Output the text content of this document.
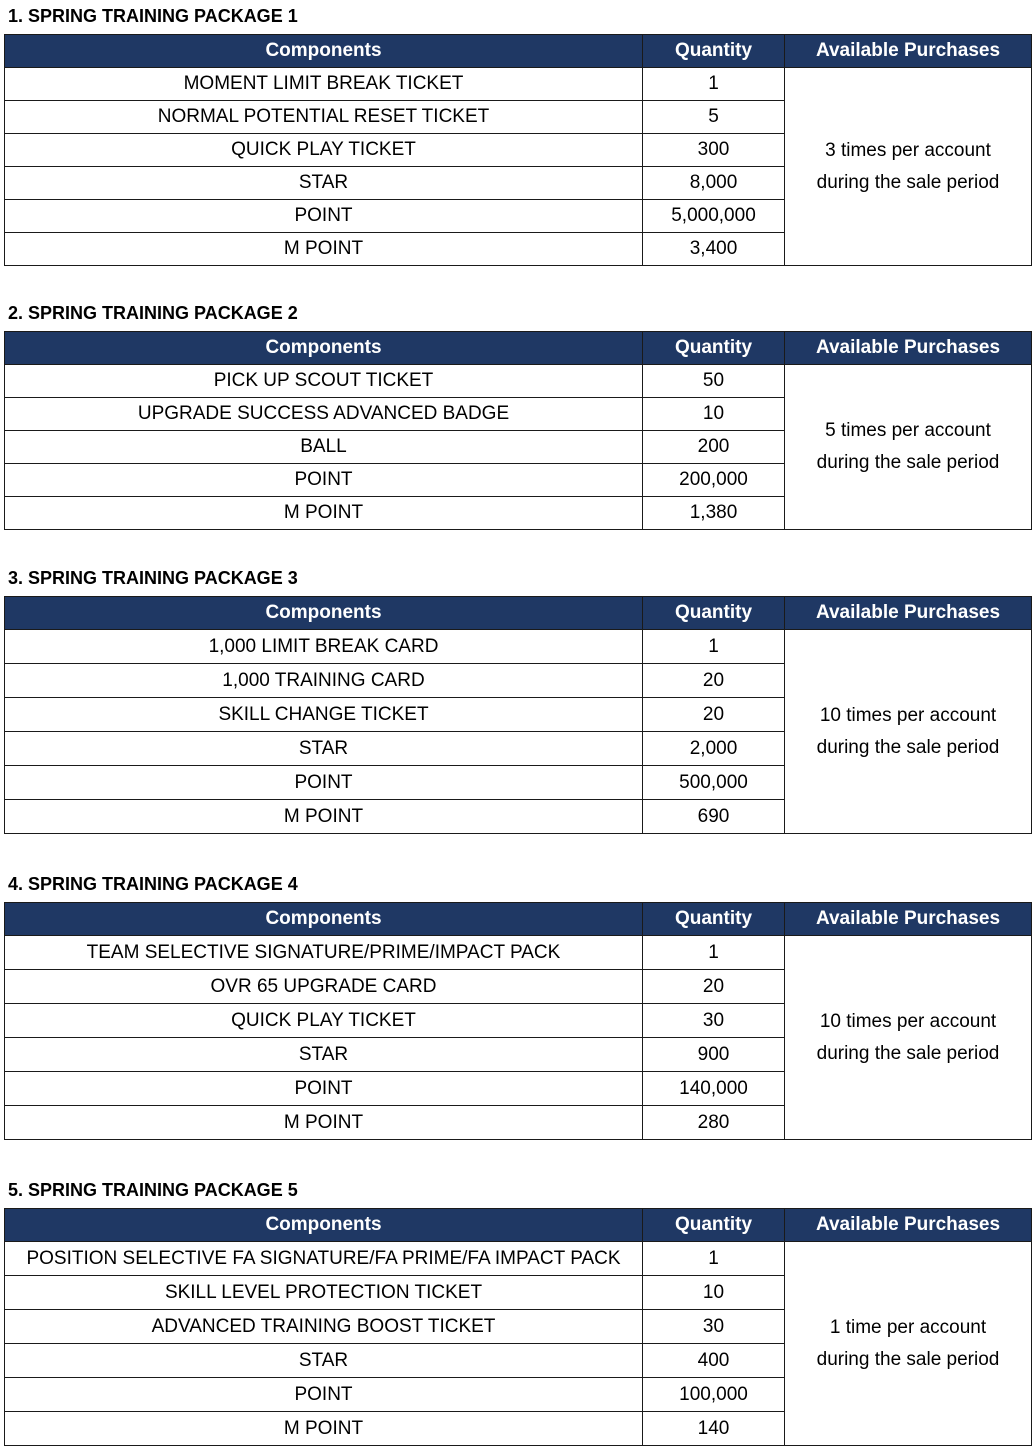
1. SPRING TRAINING PACKAGE 1
Components	Quantity	Available Purchases
MOMENT LIMIT BREAK TICKET	1	3 times per account
during the sale period

NORMAL POTENTIAL RESET TICKET	5	
QUICK PLAY TICKET	300	
STAR	8,000	
POINT	5,000,000	
M POINT	3,400	
2. SPRING TRAINING PACKAGE 2
Components	Quantity	Available Purchases
PICK UP SCOUT TICKET	50	5 times per account
during the sale period

UPGRADE SUCCESS ADVANCED BADGE	10	
BALL	200	
POINT	200,000	
M POINT	1,380	
3. SPRING TRAINING PACKAGE 3
Components	Quantity	Available Purchases
1,000 LIMIT BREAK CARD	1	10 times per account
during the sale period

1,000 TRAINING CARD	20	
SKILL CHANGE TICKET	20	
STAR	2,000	
POINT	500,000	
M POINT	690	
4. SPRING TRAINING PACKAGE 4
Components	Quantity	Available Purchases
TEAM SELECTIVE SIGNATURE/PRIME/IMPACT PACK	1	10 times per account
during the sale period

OVR 65 UPGRADE CARD	20	
QUICK PLAY TICKET	30	
STAR	900	
POINT	140,000	
M POINT	280	
5. SPRING TRAINING PACKAGE 5
Components	Quantity	Available Purchases
POSITION SELECTIVE FA SIGNATURE/FA PRIME/FA IMPACT PACK	1	1 time per account
during the sale period

SKILL LEVEL PROTECTION TICKET	10	
ADVANCED TRAINING BOOST TICKET	30	
STAR	400	
POINT	100,000	
M POINT	140	
